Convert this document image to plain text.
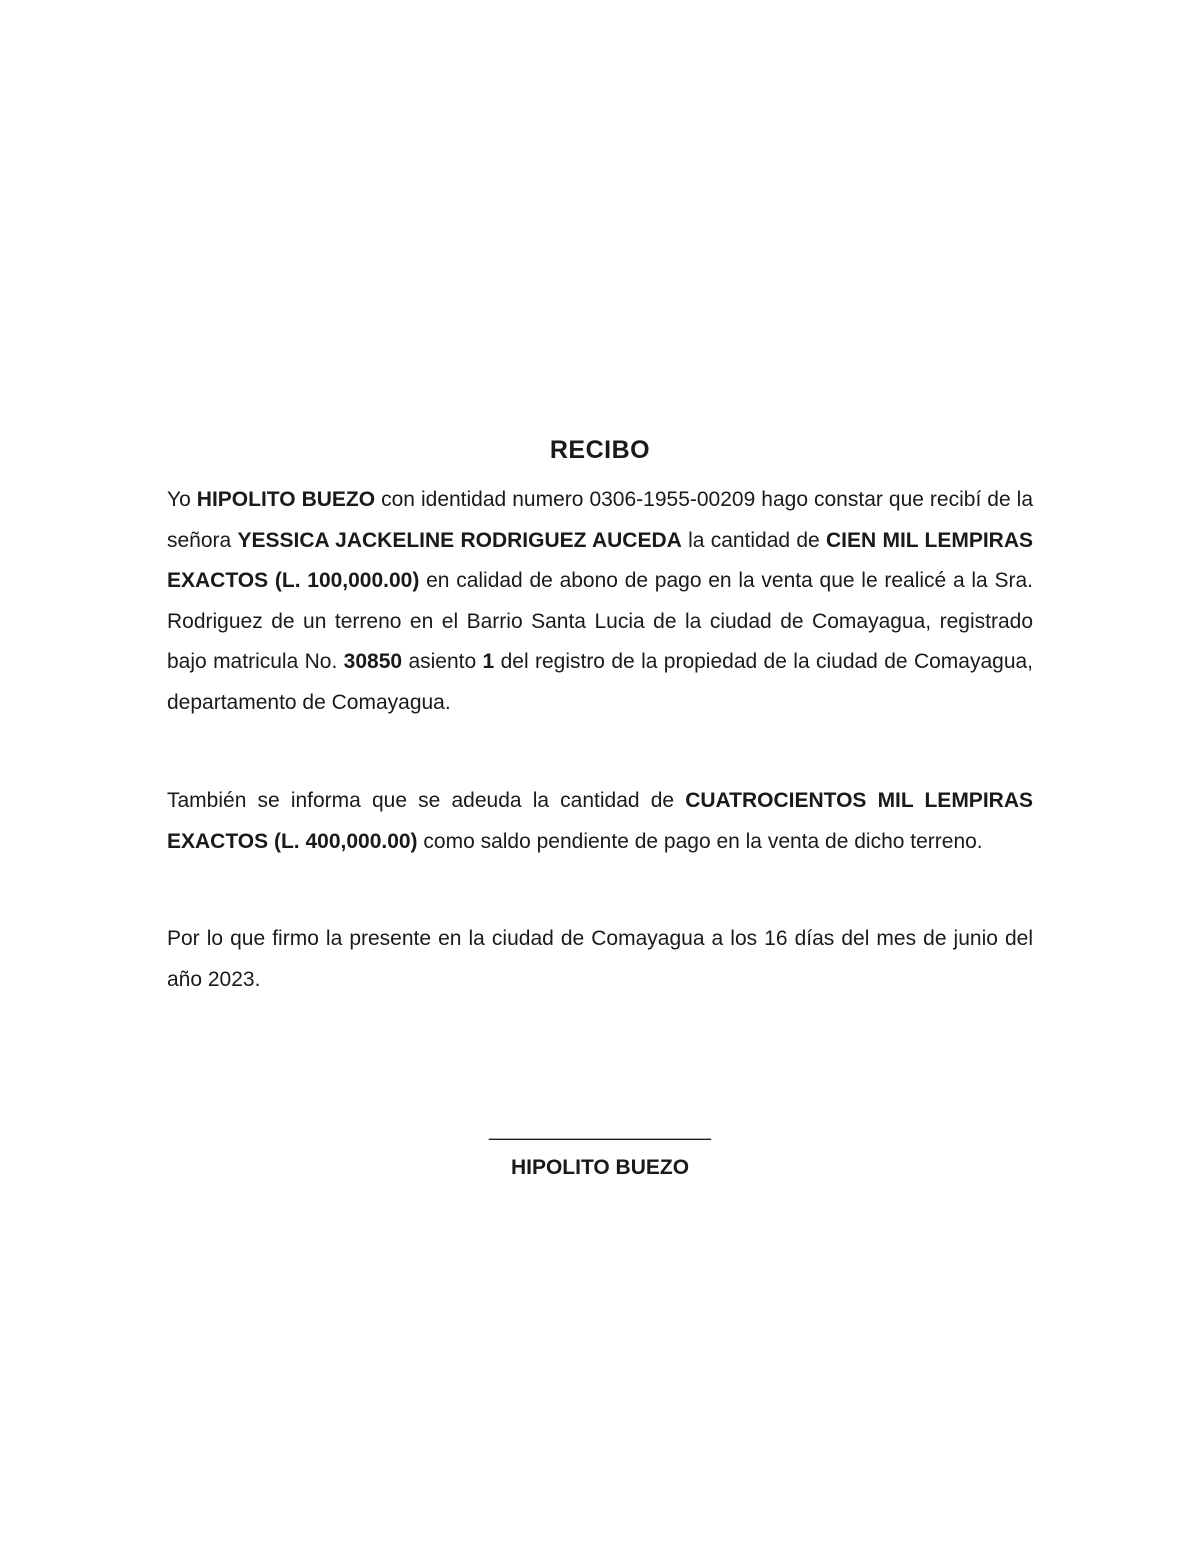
RECIBO

Yo HIPOLITO BUEZO con identidad numero 0306-1955-00209 hago constar que recibí de la señora YESSICA JACKELINE RODRIGUEZ AUCEDA la cantidad de CIEN MIL LEMPIRAS EXACTOS (L. 100,000.00) en calidad de abono de pago en la venta que le realicé a la Sra. Rodriguez de un terreno en el Barrio Santa Lucia de la ciudad de Comayagua, registrado bajo matricula No. 30850 asiento 1 del registro de la propiedad de la ciudad de Comayagua, departamento de Comayagua.

También se informa que se adeuda la cantidad de CUATROCIENTOS MIL LEMPIRAS EXACTOS (L. 400,000.00) como saldo pendiente de pago en la venta de dicho terreno.

Por lo que firmo la presente en la ciudad de Comayagua a los 16 días del mes de junio del año 2023.

___________________
HIPOLITO BUEZO
